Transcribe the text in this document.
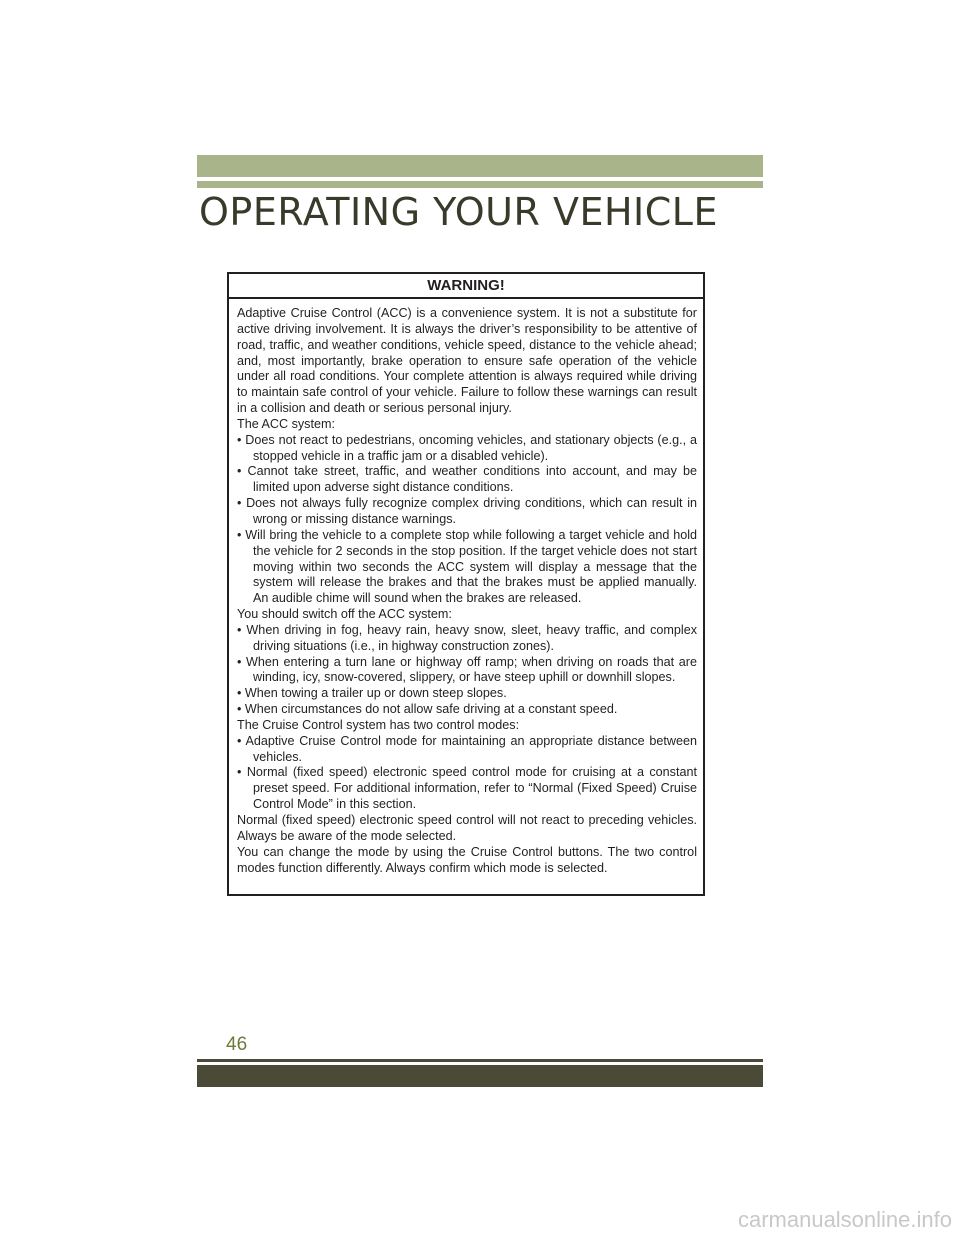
OPERATING YOUR VEHICLE
WARNING!

Adaptive Cruise Control (ACC) is a convenience system. It is not a substitute for active driving involvement. It is always the driver’s responsibility to be attentive of road, traffic, and weather conditions, vehicle speed, distance to the vehicle ahead; and, most importantly, brake operation to ensure safe operation of the vehicle under all road conditions. Your complete attention is always required while driving to maintain safe control of your vehicle. Failure to follow these warnings can result in a collision and death or serious personal injury.

The ACC system:

• Does not react to pedestrians, oncoming vehicles, and stationary objects (e.g., a stopped vehicle in a traffic jam or a disabled vehicle).
• Cannot take street, traffic, and weather conditions into account, and may be limited upon adverse sight distance conditions.
• Does not always fully recognize complex driving conditions, which can result in wrong or missing distance warnings.
• Will bring the vehicle to a complete stop while following a target vehicle and hold the vehicle for 2 seconds in the stop position. If the target vehicle does not start moving within two seconds the ACC system will display a message that the system will release the brakes and that the brakes must be applied manually. An audible chime will sound when the brakes are released.

You should switch off the ACC system:

• When driving in fog, heavy rain, heavy snow, sleet, heavy traffic, and complex driving situations (i.e., in highway construction zones).
• When entering a turn lane or highway off ramp; when driving on roads that are winding, icy, snow-covered, slippery, or have steep uphill or downhill slopes.
• When towing a trailer up or down steep slopes.
• When circumstances do not allow safe driving at a constant speed.

The Cruise Control system has two control modes:

• Adaptive Cruise Control mode for maintaining an appropriate distance between vehicles.
• Normal (fixed speed) electronic speed control mode for cruising at a constant preset speed. For additional information, refer to “Normal (Fixed Speed) Cruise Control Mode” in this section.

Normal (fixed speed) electronic speed control will not react to preceding vehicles. Always be aware of the mode selected.

You can change the mode by using the Cruise Control buttons. The two control modes function differently. Always confirm which mode is selected.

46
carmanualsonline.info
